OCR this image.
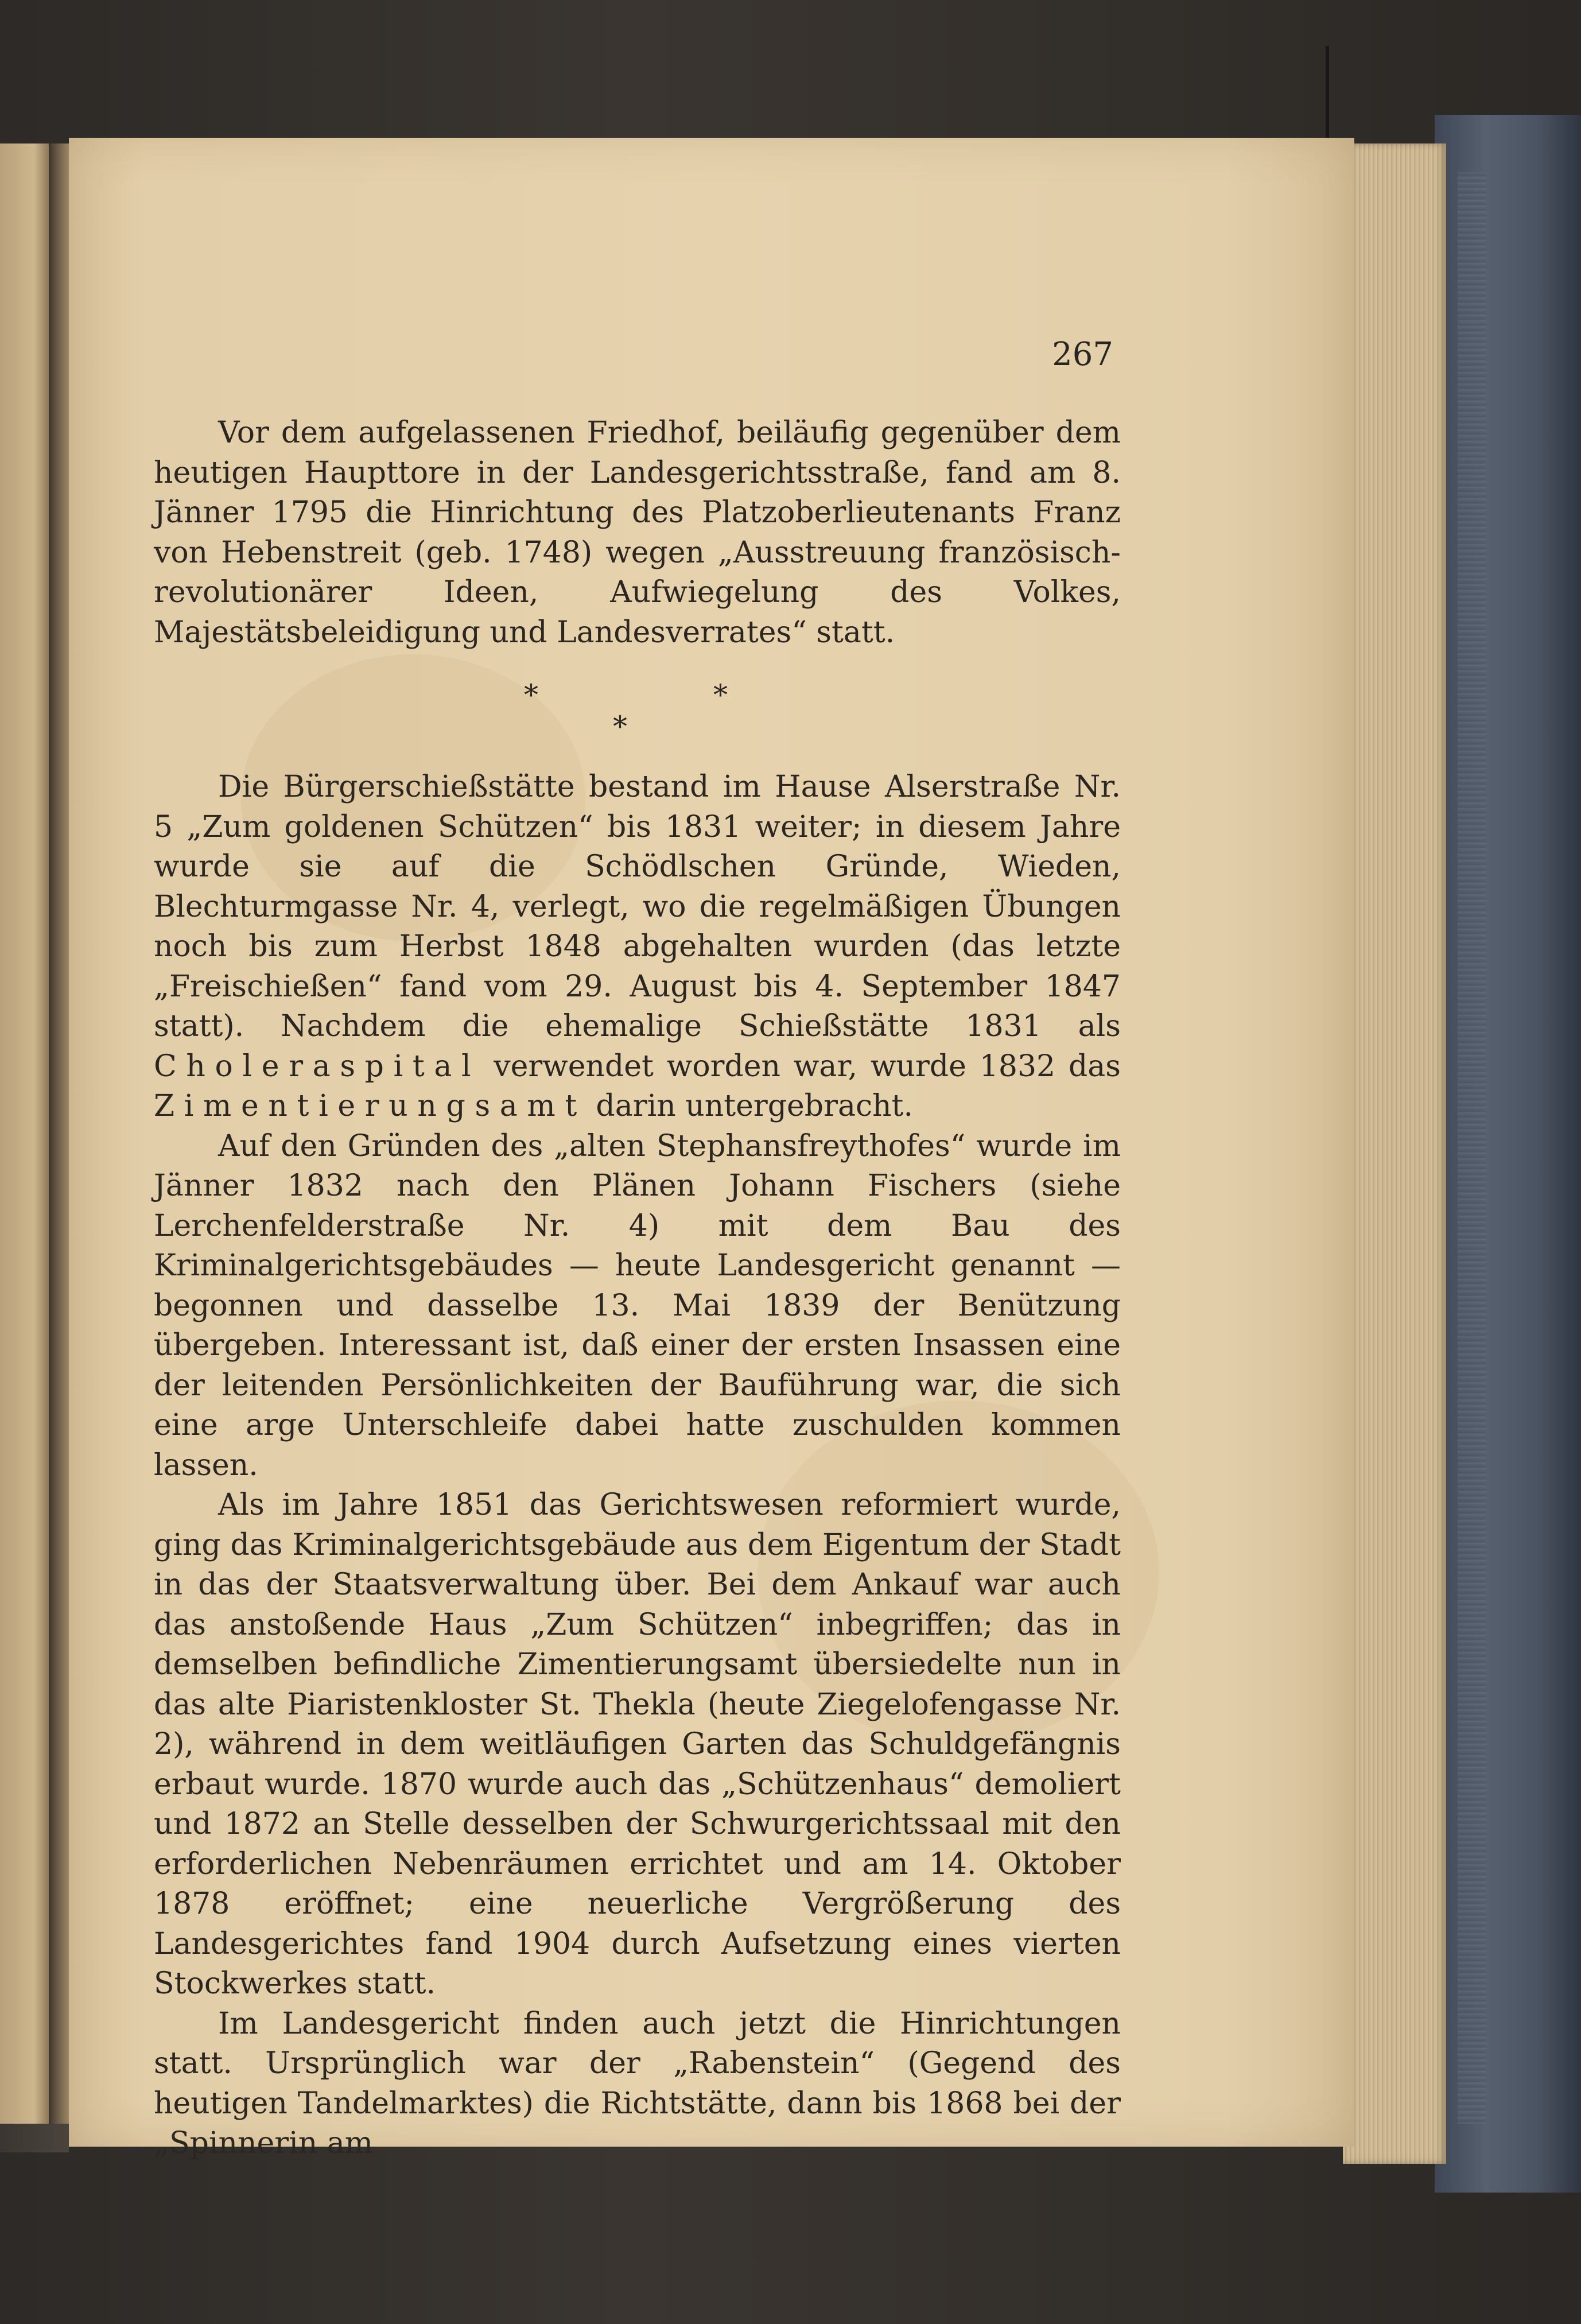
267

Vor dem aufgelassenen Friedhof, beiläufig gegenüber dem heutigen Haupttore in der Landesgerichtsstraße, fand am 8. Jänner 1795 die Hinrichtung des Platzoberlieutenants Franz von Hebenstreit (geb. 1748) wegen „Ausstreuung französisch-revolutionärer Ideen, Aufwiegelung des Volkes, Majestätsbeleidigung und Landesverrates“ statt.

*
*
*

Die Bürgerschießstätte bestand im Hause Alserstraße Nr. 5 „Zum goldenen Schützen“ bis 1831 weiter; in diesem Jahre wurde sie auf die Schödlschen Gründe, Wieden, Blechturmgasse Nr. 4, verlegt, wo die regelmäßigen Übungen noch bis zum Herbst 1848 abgehalten wurden (das letzte „Freischießen“ fand vom 29. August bis 4. September 1847 statt). Nachdem die ehemalige Schießstätte 1831 als Cholerаspital verwendet worden war, wurde 1832 das Zimentierungsamt darin untergebracht.

Auf den Gründen des „alten Stephansfreythofes“ wurde im Jänner 1832 nach den Plänen Johann Fischers (siehe Lerchenfelderstraße Nr. 4) mit dem Bau des Kriminalgerichtsgebäudes — heute Landesgericht genannt — begonnen und dasselbe 13. Mai 1839 der Benützung übergeben. Interessant ist, daß einer der ersten Insassen eine der leitenden Persönlichkeiten der Bauführung war, die sich eine arge Unterschleife dabei hatte zuschulden kommen lassen.

Als im Jahre 1851 das Gerichtswesen reformiert wurde, ging das Kriminalgerichtsgebäude aus dem Eigentum der Stadt in das der Staatsverwaltung über. Bei dem Ankauf war auch das anstoßende Haus „Zum Schützen“ inbegriffen; das in demselben befindliche Zimentierungsamt übersiedelte nun in das alte Piaristenkloster St. Thekla (heute Ziegelofengasse Nr. 2), während in dem weitläufigen Garten das Schuldgefängnis erbaut wurde. 1870 wurde auch das „Schützenhaus“ demoliert und 1872 an Stelle desselben der Schwurgerichtssaal mit den erforderlichen Nebenräumen errichtet und am 14. Oktober 1878 eröffnet; eine neuerliche Vergrößerung des Landesgerichtes fand 1904 durch Aufsetzung eines vierten Stockwerkes statt.

Im Landesgericht finden auch jetzt die Hinrichtungen statt. Ursprünglich war der „Rabenstein“ (Gegend des heutigen Tandelmarktes) die Richtstätte, dann bis 1868 bei der „Spinnerin am
